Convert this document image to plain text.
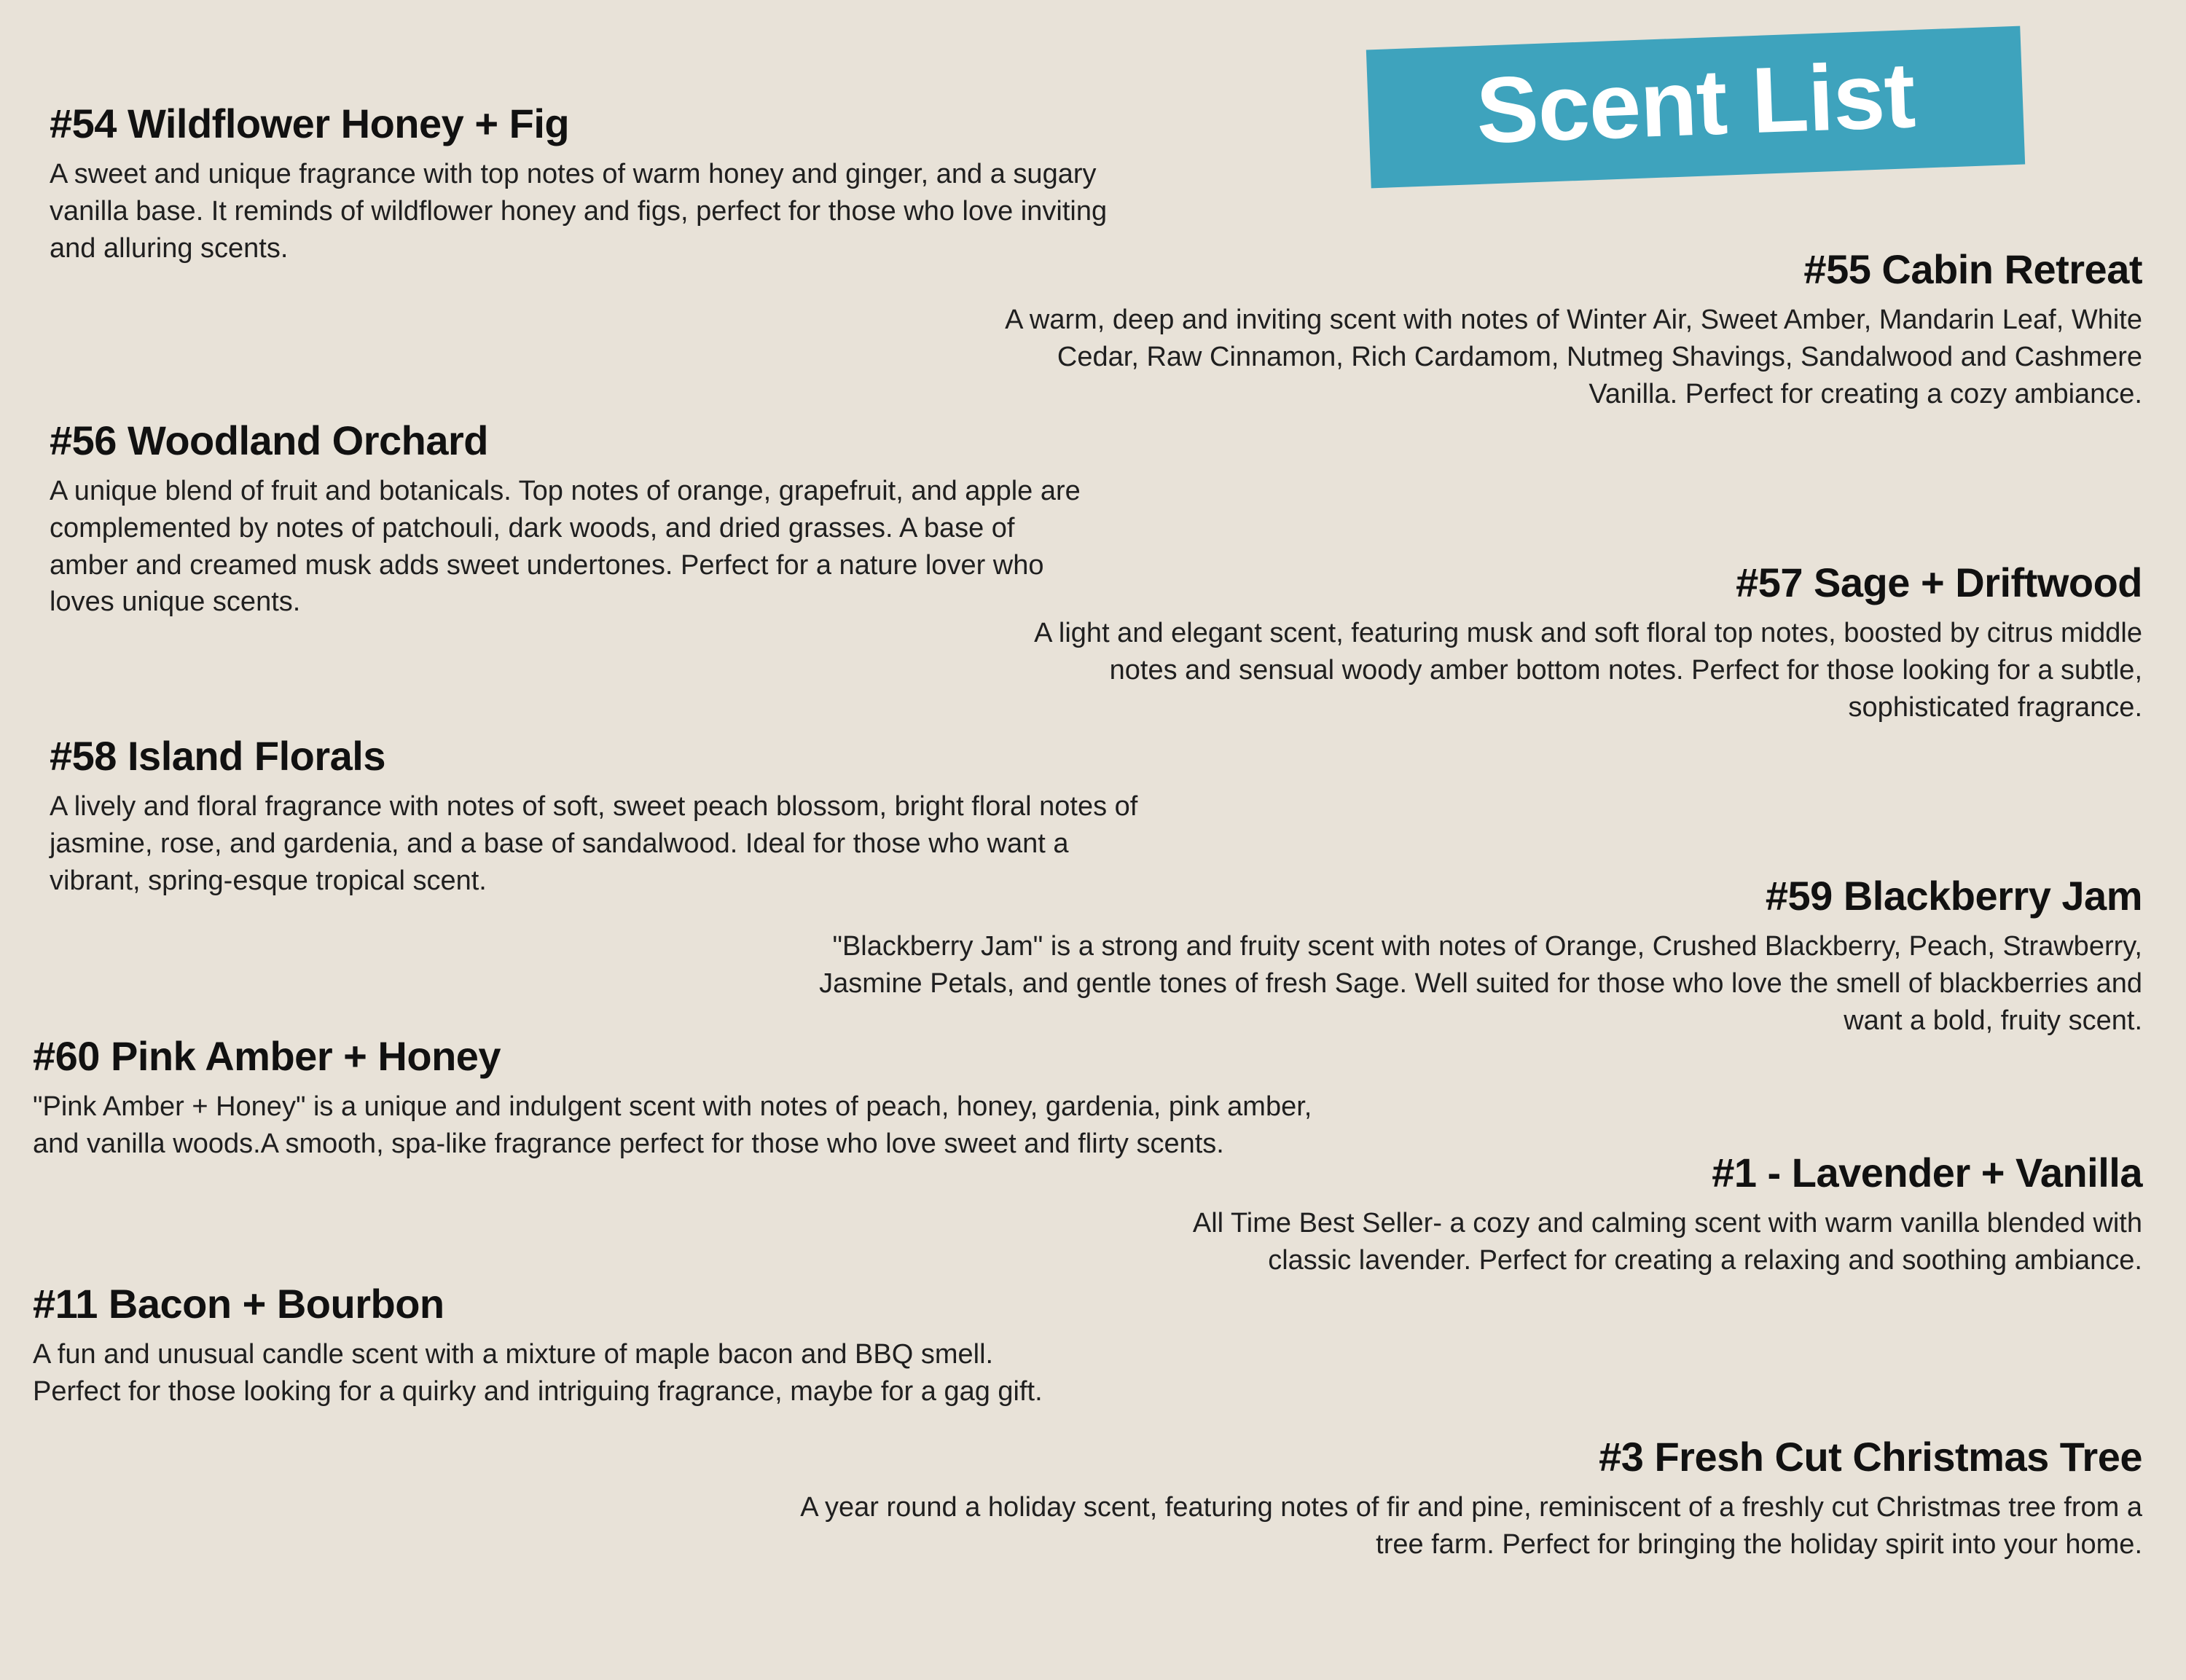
Scent List
#54 Wildflower Honey + Fig

A sweet and unique fragrance with top notes of warm honey and ginger, and a sugary vanilla base. It reminds of wildflower honey and figs, perfect for those who love inviting and alluring scents.	#55 Cabin Retreat

A warm, deep and inviting scent with notes of Winter Air, Sweet Amber, Mandarin Leaf, White Cedar, Raw Cinnamon, Rich Cardamom, Nutmeg Shavings, Sandalwood and Cashmere Vanilla. Perfect for creating a cozy ambiance.

#56 Woodland Orchard

A unique blend of fruit and botanicals. Top notes of orange, grapefruit, and apple are complemented by notes of patchouli, dark woods, and dried grasses. A base of amber and creamed musk adds sweet undertones. Perfect for a nature lover who loves unique scents.	#57 Sage + Driftwood

A light and elegant scent, featuring musk and soft floral top notes, boosted by citrus middle notes and sensual woody amber bottom notes. Perfect for those looking for a subtle, sophisticated fragrance.

#58 Island Florals

A lively and floral fragrance with notes of soft, sweet peach blossom, bright floral notes of jasmine, rose, and gardenia, and a base of sandalwood. Ideal for those who want a vibrant, spring-esque tropical scent.	#59 Blackberry Jam

"Blackberry Jam" is a strong and fruity scent with notes of Orange, Crushed Blackberry, Peach, Strawberry, Jasmine Petals, and gentle tones of fresh Sage. Well suited for those who love the smell of blackberries and want a bold, fruity scent.

#60 Pink Amber + Honey

"Pink Amber + Honey" is a unique and indulgent scent with notes of peach, honey, gardenia, pink amber, and vanilla woods.A smooth, spa-like fragrance perfect for those who love sweet and flirty scents.

#1 - Lavender + Vanilla

All Time Best Seller- a cozy and calming scent with warm vanilla blended with classic lavender. Perfect for creating a relaxing and soothing ambiance.

#11 Bacon + Bourbon

A fun and unusual candle scent with a mixture of maple bacon and BBQ smell. Perfect for those looking for a quirky and intriguing fragrance, maybe for a gag gift.

#3 Fresh Cut Christmas Tree

A year round a holiday scent, featuring notes of fir and pine, reminiscent of a freshly cut Christmas tree from a tree farm. Perfect for bringing the holiday spirit into your home.
